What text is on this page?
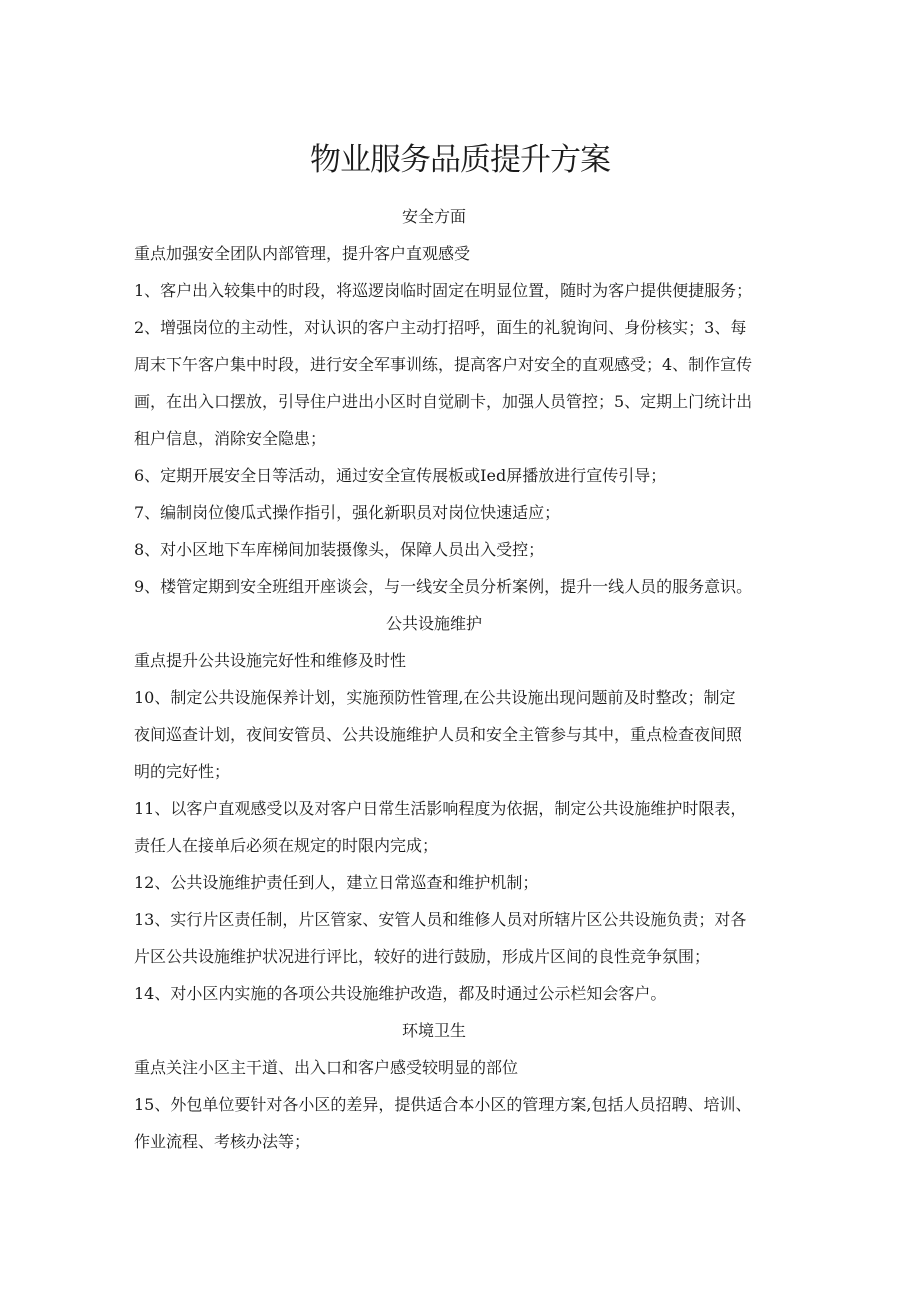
物业服务品质提升方案

安全方面

重点加强安全团队内部管理，提升客户直观感受

1、客户出入较集中的时段，将巡逻岗临时固定在明显位置，随时为客户提供便捷服务；

2、增强岗位的主动性，对认识的客户主动打招呼，面生的礼貌询问、身份核实；3、每

周末下午客户集中时段，进行安全军事训练，提高客户对安全的直观感受；4、制作宣传

画，在出入口摆放，引导住户进出小区时自觉刷卡，加强人员管控；5、定期上门统计出

租户信息，消除安全隐患；

6、定期开展安全日等活动，通过安全宣传展板或Ied屏播放进行宣传引导；

7、编制岗位傻瓜式操作指引，强化新职员对岗位快速适应；

8、对小区地下车库梯间加装摄像头，保障人员出入受控；

9、楼管定期到安全班组开座谈会，与一线安全员分析案例，提升一线人员的服务意识。

公共设施维护

重点提升公共设施完好性和维修及时性

10、制定公共设施保养计划，实施预防性管理,在公共设施出现问题前及时整改；制定

夜间巡查计划，夜间安管员、公共设施维护人员和安全主管参与其中，重点检查夜间照

明的完好性；

11、以客户直观感受以及对客户日常生活影响程度为依据，制定公共设施维护时限表，

责任人在接单后必须在规定的时限内完成；

12、公共设施维护责任到人，建立日常巡查和维护机制；

13、实行片区责任制，片区管家、安管人员和维修人员对所辖片区公共设施负责；对各

片区公共设施维护状况进行评比，较好的进行鼓励，形成片区间的良性竞争氛围；

14、对小区内实施的各项公共设施维护改造，都及时通过公示栏知会客户。

环境卫生

重点关注小区主干道、出入口和客户感受较明显的部位

15、外包单位要针对各小区的差异，提供适合本小区的管理方案,包括人员招聘、培训、

作业流程、考核办法等；
